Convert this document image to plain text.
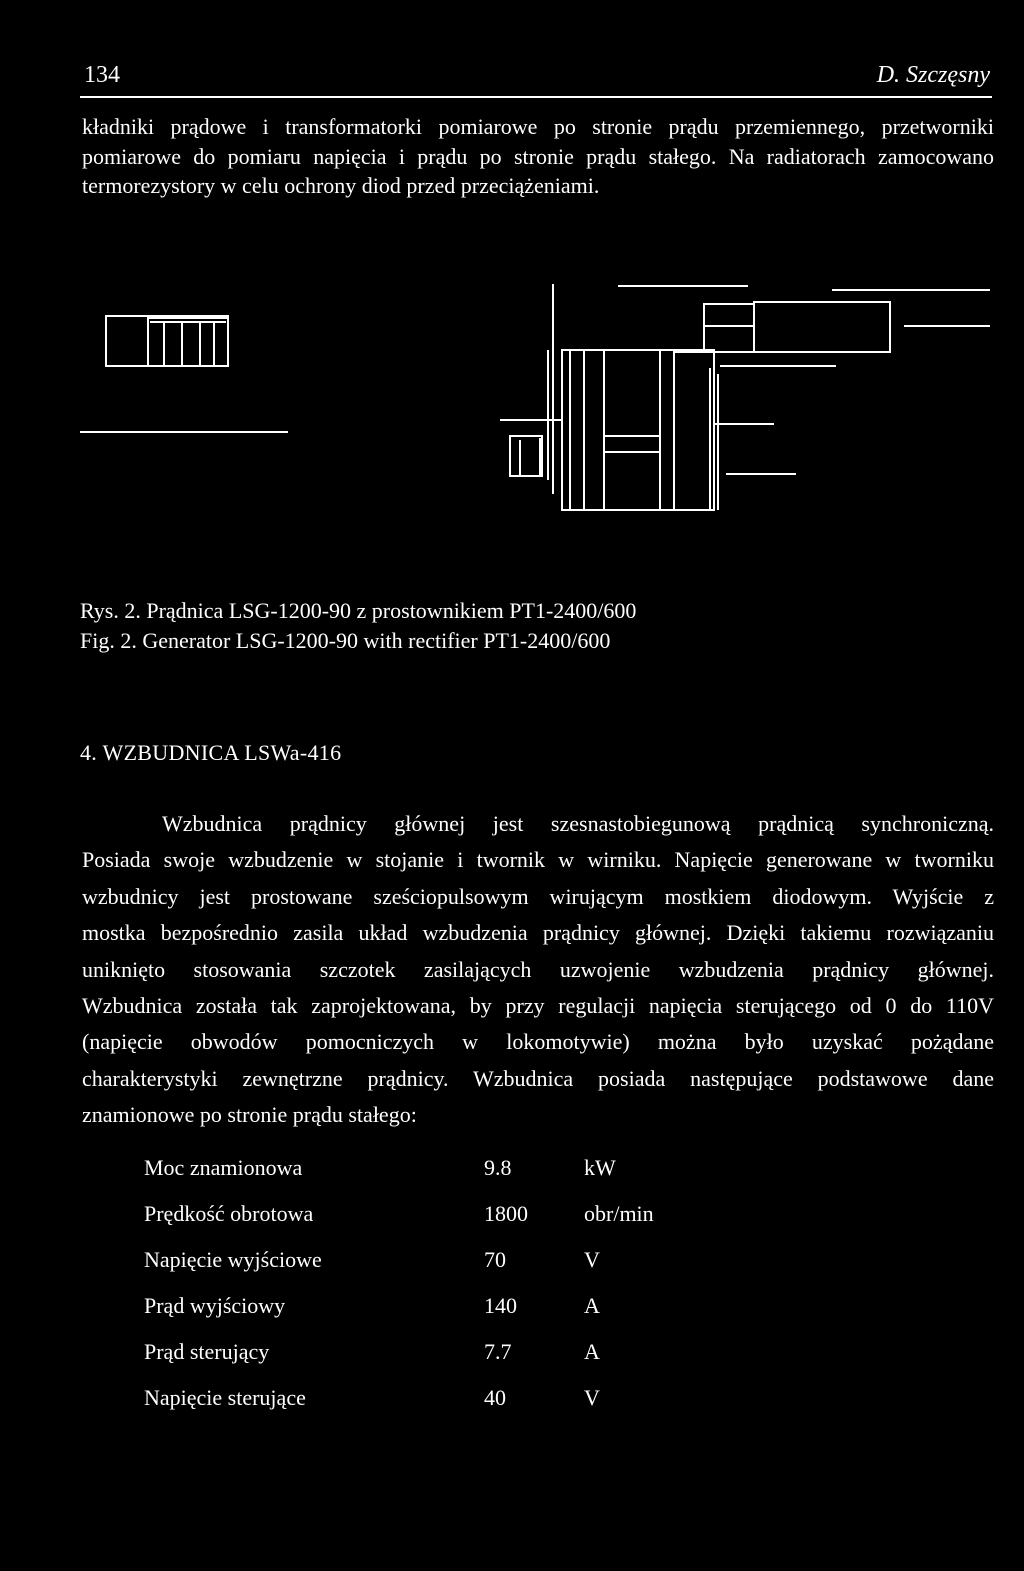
134	D. Szczęsny
kładniki prądowe i transformatorki pomiarowe po stronie prądu przemiennego, przetworniki
pomiarowe do pomiaru napięcia i prądu po stronie prądu stałego. Na radiatorach zamocowano
termorezystory w celu ochrony diod przed przeciążeniami.
Rys. 2. Prądnica LSG-1200-90 z prostownikiem PT1-2400/600
Fig. 2. Generator LSG-1200-90 with rectifier PT1-2400/600
4. WZBUDNICA LSWa-416
Wzbudnica prądnicy głównej jest szesnastobiegunową prądnicą synchroniczną.
Posiada swoje wzbudzenie w stojanie i twornik w wirniku. Napięcie generowane w tworniku
wzbudnicy jest prostowane sześciopulsowym wirującym mostkiem diodowym. Wyjście z
mostka bezpośrednio zasila układ wzbudzenia prądnicy głównej. Dzięki takiemu rozwiązaniu
uniknięto stosowania szczotek zasilających uzwojenie wzbudzenia prądnicy głównej.
Wzbudnica została tak zaprojektowana, by przy regulacji napięcia sterującego od 0 do 110V
(napięcie obwodów pomocniczych w lokomotywie) można było uzyskać pożądane
charakterystyki zewnętrzne prądnicy. Wzbudnica posiada następujące podstawowe dane
znamionowe po stronie prądu stałego:
Moc znamionowa	9.8	kW
Prędkość obrotowa	1800	obr/min
Napięcie wyjściowe	70	V
Prąd wyjściowy	140	A
Prąd sterujący	7.7	A
Napięcie sterujące	40	V
